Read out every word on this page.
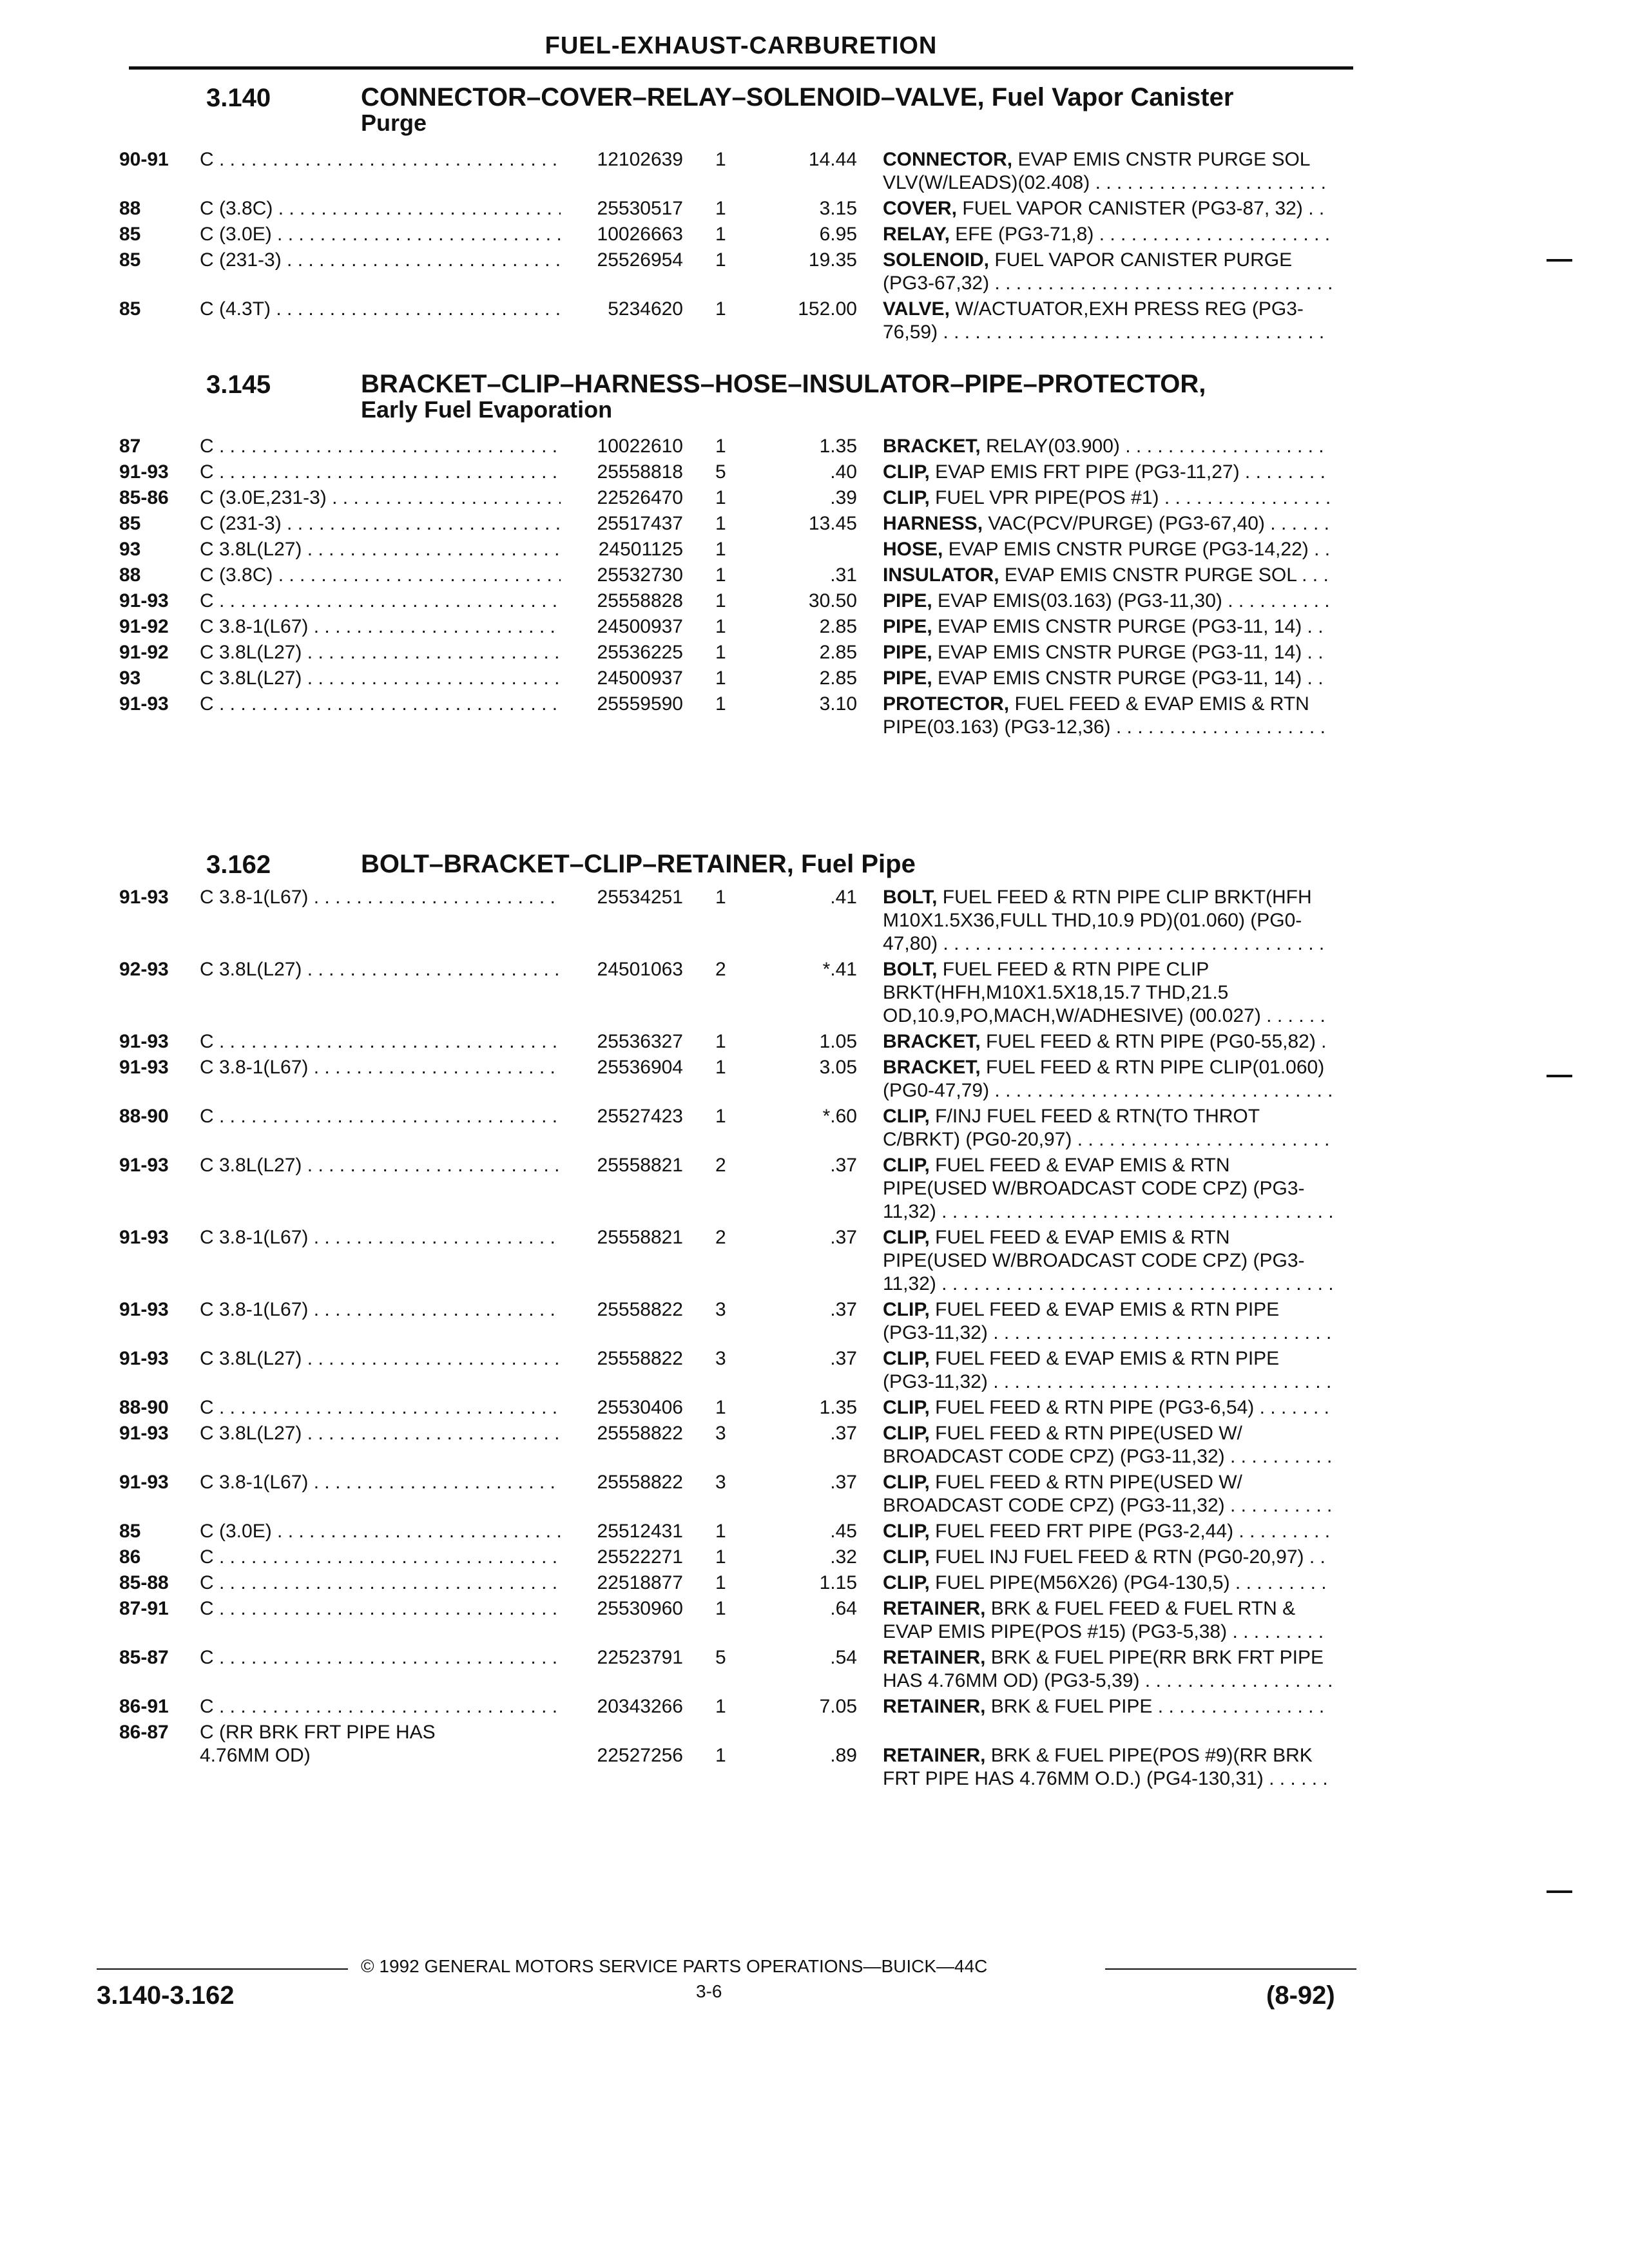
FUEL-EXHAUST-CARBURETION
3.140	CONNECTOR–COVER–RELAY–SOLENOID–VALVE, Fuel Vapor Canister
Purge
90-91 C . . .	12102639 1	14.44 CONNECTOR, EVAP EMIS CNSTR PURGE SOL VLV(W/LEADS)(02.408) . . .
88	C (3.8C) . . .	25530517 1	3.15 COVER, FUEL VAPOR CANISTER (PG3-87, 32) . . .
85	C (3.0E) . . .	10026663 1	6.95 RELAY, EFE (PG3-71,8) . . .
85	C (231-3) . . .	25526954 1	19.35 SOLENOID, FUEL VAPOR CANISTER PURGE (PG3-67,32) . . .
85	C (4.3T) . . .	5234620 1	152.00 VALVE, W/ACTUATOR,EXH PRESS REG (PG3-76,59) . . .
3.145	BRACKET–CLIP–HARNESS–HOSE–INSULATOR–PIPE–PROTECTOR,
Early Fuel Evaporation
87	C . . .	10022610 1	1.35 BRACKET, RELAY(03.900) . . .
91-93 C . . .	25558818 5	.40 CLIP, EVAP EMIS FRT PIPE (PG3-11,27) . . .
85-86 C (3.0E,231-3) . . .	22526470 1	.39 CLIP, FUEL VPR PIPE(POS #1) . . .
85	C (231-3) . . .	25517437 1	13.45 HARNESS, VAC(PCV/PURGE) (PG3-67,40) . . .
93	C 3.8L(L27) . . .	24501125 1	HOSE, EVAP EMIS CNSTR PURGE (PG3-14,22) . . .
88	C (3.8C) . . .	25532730 1	.31 INSULATOR, EVAP EMIS CNSTR PURGE SOL . . .
91-93 C . . .	25558828 1	30.50 PIPE, EVAP EMIS(03.163) (PG3-11,30) . . .
91-92 C 3.8-1(L67) . . .	24500937 1	2.85 PIPE, EVAP EMIS CNSTR PURGE (PG3-11, 14) . . .
91-92 C 3.8L(L27) . . .	25536225 1	2.85 PIPE, EVAP EMIS CNSTR PURGE (PG3-11, 14) . . .
93	C 3.8L(L27) . . .	24500937 1	2.85 PIPE, EVAP EMIS CNSTR PURGE (PG3-11, 14) . . .
91-93 C . . .	25559590 1	3.10 PROTECTOR, FUEL FEED & EVAP EMIS & RTN PIPE(03.163) (PG3-12,36) . . .
3.162	BOLT–BRACKET–CLIP–RETAINER, Fuel Pipe
91-93 C 3.8-1(L67) . . .	25534251 1	.41 BOLT, FUEL FEED & RTN PIPE CLIP BRKT(HFH M10X1.5X36,FULL THD,10.9 PD)(01.060) (PG0-47,80) . . .
92-93 C 3.8L(L27) . . .	24501063 2	*.41 BOLT, FUEL FEED & RTN PIPE CLIP BRKT(HFH,M10X1.5X18,15.7 THD,21.5 OD,10.9,PO,MACH,W/ADHESIVE) (00.027) . . .
91-93 C . . .	25536327 1	1.05 BRACKET, FUEL FEED & RTN PIPE (PG0-55,82) . . .
91-93 C 3.8-1(L67) . . .	25536904 1	3.05 BRACKET, FUEL FEED & RTN PIPE CLIP(01.060) (PG0-47,79) . . .
88-90 C . . .	25527423 1	*.60 CLIP, F/INJ FUEL FEED & RTN(TO THROT C/BRKT) (PG0-20,97) . . .
91-93 C 3.8L(L27) . . .	25558821 2	.37 CLIP, FUEL FEED & EVAP EMIS & RTN PIPE(USED W/BROADCAST CODE CPZ) (PG3-11,32) . . .
91-93 C 3.8-1(L67) . . .	25558821 2	.37 CLIP, FUEL FEED & EVAP EMIS & RTN PIPE(USED W/BROADCAST CODE CPZ) (PG3-11,32) . . .
91-93 C 3.8-1(L67) . . .	25558822 3	.37 CLIP, FUEL FEED & EVAP EMIS & RTN PIPE (PG3-11,32) . . .
91-93 C 3.8L(L27) . . .	25558822 3	.37 CLIP, FUEL FEED & EVAP EMIS & RTN PIPE (PG3-11,32) . . .
88-90 C . . .	25530406 1	1.35 CLIP, FUEL FEED & RTN PIPE (PG3-6,54) . . .
91-93 C 3.8L(L27) . . .	25558822 3	.37 CLIP, FUEL FEED & RTN PIPE(USED W/ BROADCAST CODE CPZ) (PG3-11,32) . . .
91-93 C 3.8-1(L67) . . .	25558822 3	.37 CLIP, FUEL FEED & RTN PIPE(USED W/ BROADCAST CODE CPZ) (PG3-11,32) . . .
85	C (3.0E) . . .	25512431 1	.45 CLIP, FUEL FEED FRT PIPE (PG3-2,44) . . .
86	C . . .	25522271 1	.32 CLIP, FUEL INJ FUEL FEED & RTN (PG0-20,97) . . .
85-88 C . . .	22518877 1	1.15 CLIP, FUEL PIPE(M56X26) (PG4-130,5) . . .
87-91 C . . .	25530960 1	.64 RETAINER, BRK & FUEL FEED & FUEL RTN & EVAP EMIS PIPE(POS #15) (PG3-5,38) . . .
85-87 C . . .	22523791 5	.54 RETAINER, BRK & FUEL PIPE(RR BRK FRT PIPE HAS 4.76MM OD) (PG3-5,39) . . .
86-91 C . . .	20343266 1	7.05 RETAINER, BRK & FUEL PIPE . . .
86-87 C (RR BRK FRT PIPE HAS 4.76MM OD)	22527256 1	.89 RETAINER, BRK & FUEL PIPE(POS #9)(RR BRK FRT PIPE HAS 4.76MM O.D.) (PG4-130,31) . . .
© 1992 GENERAL MOTORS SERVICE PARTS OPERATIONS—BUICK—44C
3.140-3.162	3-6	(8-92)
